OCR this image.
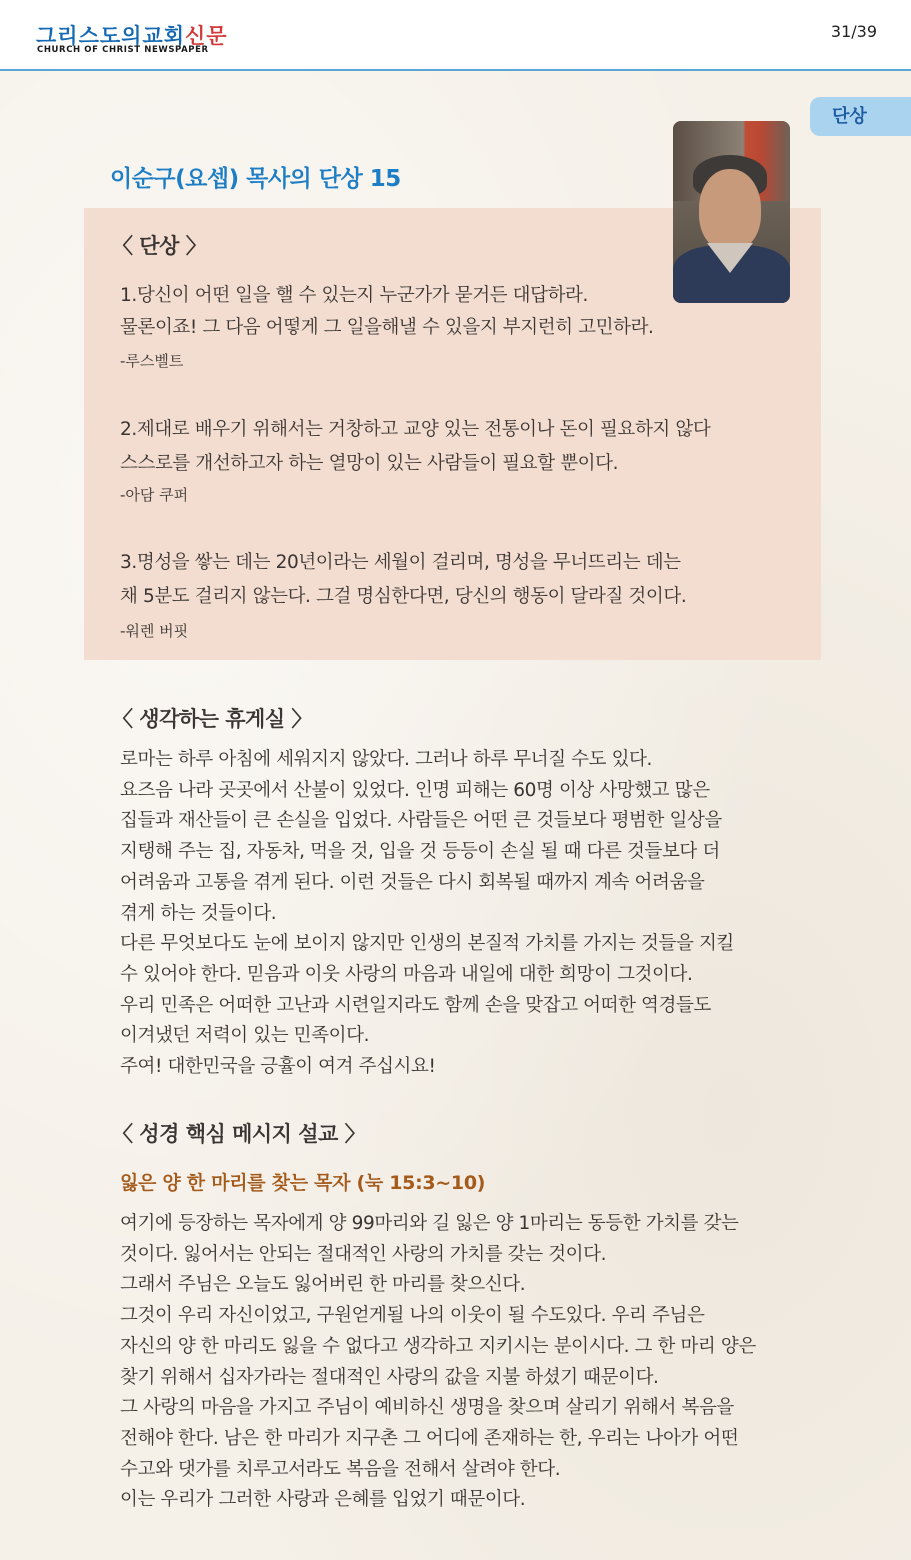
그리스도의교회신문
CHURCH OF CHRIST NEWSPAPER
31/39
단상
이순구(요셉) 목사의 단상 15
〈 단상 〉
1.당신이 어떤 일을 핼 수 있는지 누군가가 묻거든 대답하라.
물론이죠! 그 다음 어떻게 그 일을해낼 수 있을지 부지런히 고민하라.
-루스벨트
2.제대로 배우기 위해서는 거창하고 교양 있는 전통이나 돈이 필요하지 않다
스스로를 개선하고자 하는 열망이 있는 사람들이 필요할 뿐이다.
-아담 쿠퍼
3.명성을 쌓는 데는 20년이라는 세월이 걸리며, 명성을 무너뜨리는 데는
채 5분도 걸리지 않는다. 그걸 명심한다면, 당신의 행동이 달라질 것이다.
-워렌 버핏
〈 생각하는 휴게실 〉
로마는 하루 아침에 세워지지 않았다. 그러나 하루 무너질 수도 있다.
요즈음 나라 곳곳에서 산불이 있었다. 인명 피해는 60명 이상 사망했고 많은
집들과 재산들이 큰 손실을 입었다. 사람들은 어떤 큰 것들보다 평범한 일상을
지탱해 주는 집, 자동차, 먹을 것, 입을 것 등등이 손실 될 때 다른 것들보다 더
어려움과 고통을 겪게 된다. 이런 것들은 다시 회복될 때까지 계속 어려움을
겪게 하는 것들이다.
다른 무엇보다도 눈에 보이지 않지만 인생의 본질적 가치를 가지는 것들을 지킬
수 있어야 한다. 믿음과 이웃 사랑의 마음과 내일에 대한 희망이 그것이다.
우리 민족은 어떠한 고난과 시련일지라도 함께 손을 맞잡고 어떠한 역경들도
이겨냈던 저력이 있는 민족이다.
주여! 대한민국을 긍휼이 여겨 주십시요!
〈 성경 핵심 메시지 설교 〉
잃은 양 한 마리를 찾는 목자 (눅 15:3~10)
여기에 등장하는 목자에게 양 99마리와 길 잃은 양 1마리는 동등한 가치를 갖는
것이다. 잃어서는 안되는 절대적인 사랑의 가치를 갖는 것이다.
그래서 주님은 오늘도 잃어버린 한 마리를 찾으신다.
그것이 우리 자신이었고, 구원얻게될 나의 이웃이 될 수도있다. 우리 주님은
자신의 양 한 마리도 잃을 수 없다고 생각하고 지키시는 분이시다. 그 한 마리 양은
찾기 위해서 십자가라는 절대적인 사랑의 값을 지불 하셨기 때문이다.
그 사랑의 마음을 가지고 주님이 예비하신 생명을 찾으며 살리기 위해서 복음을
전해야 한다. 남은 한 마리가 지구촌 그 어디에 존재하는 한, 우리는 나아가 어떤
수고와 댓가를 치루고서라도 복음을 전해서 살려야 한다.
이는 우리가 그러한 사랑과 은혜를 입었기 때문이다.
